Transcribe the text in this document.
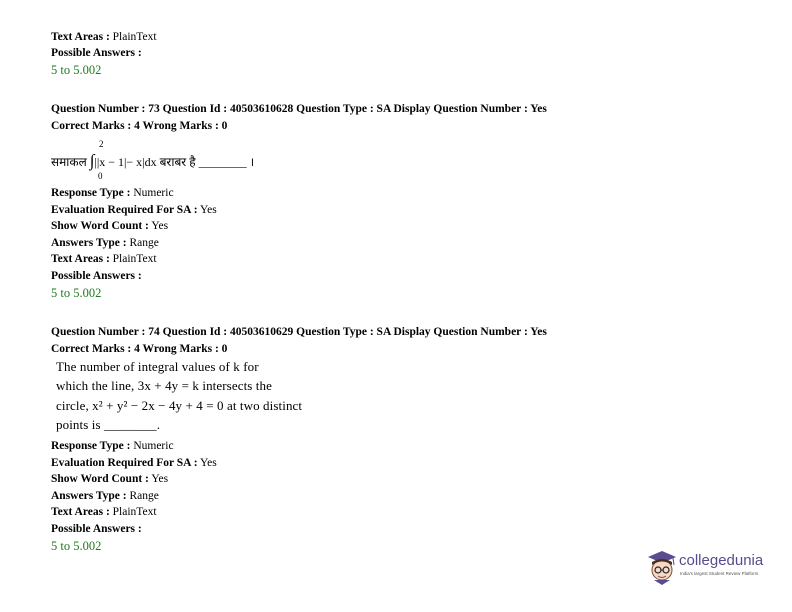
Text Areas : PlainText
Possible Answers :
5 to 5.002
Question Number : 73 Question Id : 40503610628 Question Type : SA Display Question Number : Yes
Correct Marks : 4 Wrong Marks : 0
2
समाकल ∫||x − 1|− x|dx बराबर है ________ ।
0
Response Type : Numeric
Evaluation Required For SA : Yes
Show Word Count : Yes
Answers Type : Range
Text Areas : PlainText
Possible Answers :
5 to 5.002
Question Number : 74 Question Id : 40503610629 Question Type : SA Display Question Number : Yes
Correct Marks : 4 Wrong Marks : 0
The number of integral values of k for
which the line, 3x + 4y = k intersects the
circle, x² + y² − 2x − 4y + 4 = 0 at two distinct
points is ________.
Response Type : Numeric
Evaluation Required For SA : Yes
Show Word Count : Yes
Answers Type : Range
Text Areas : PlainText
Possible Answers :
5 to 5.002
collegedunia
India's largest Student Review Platform
